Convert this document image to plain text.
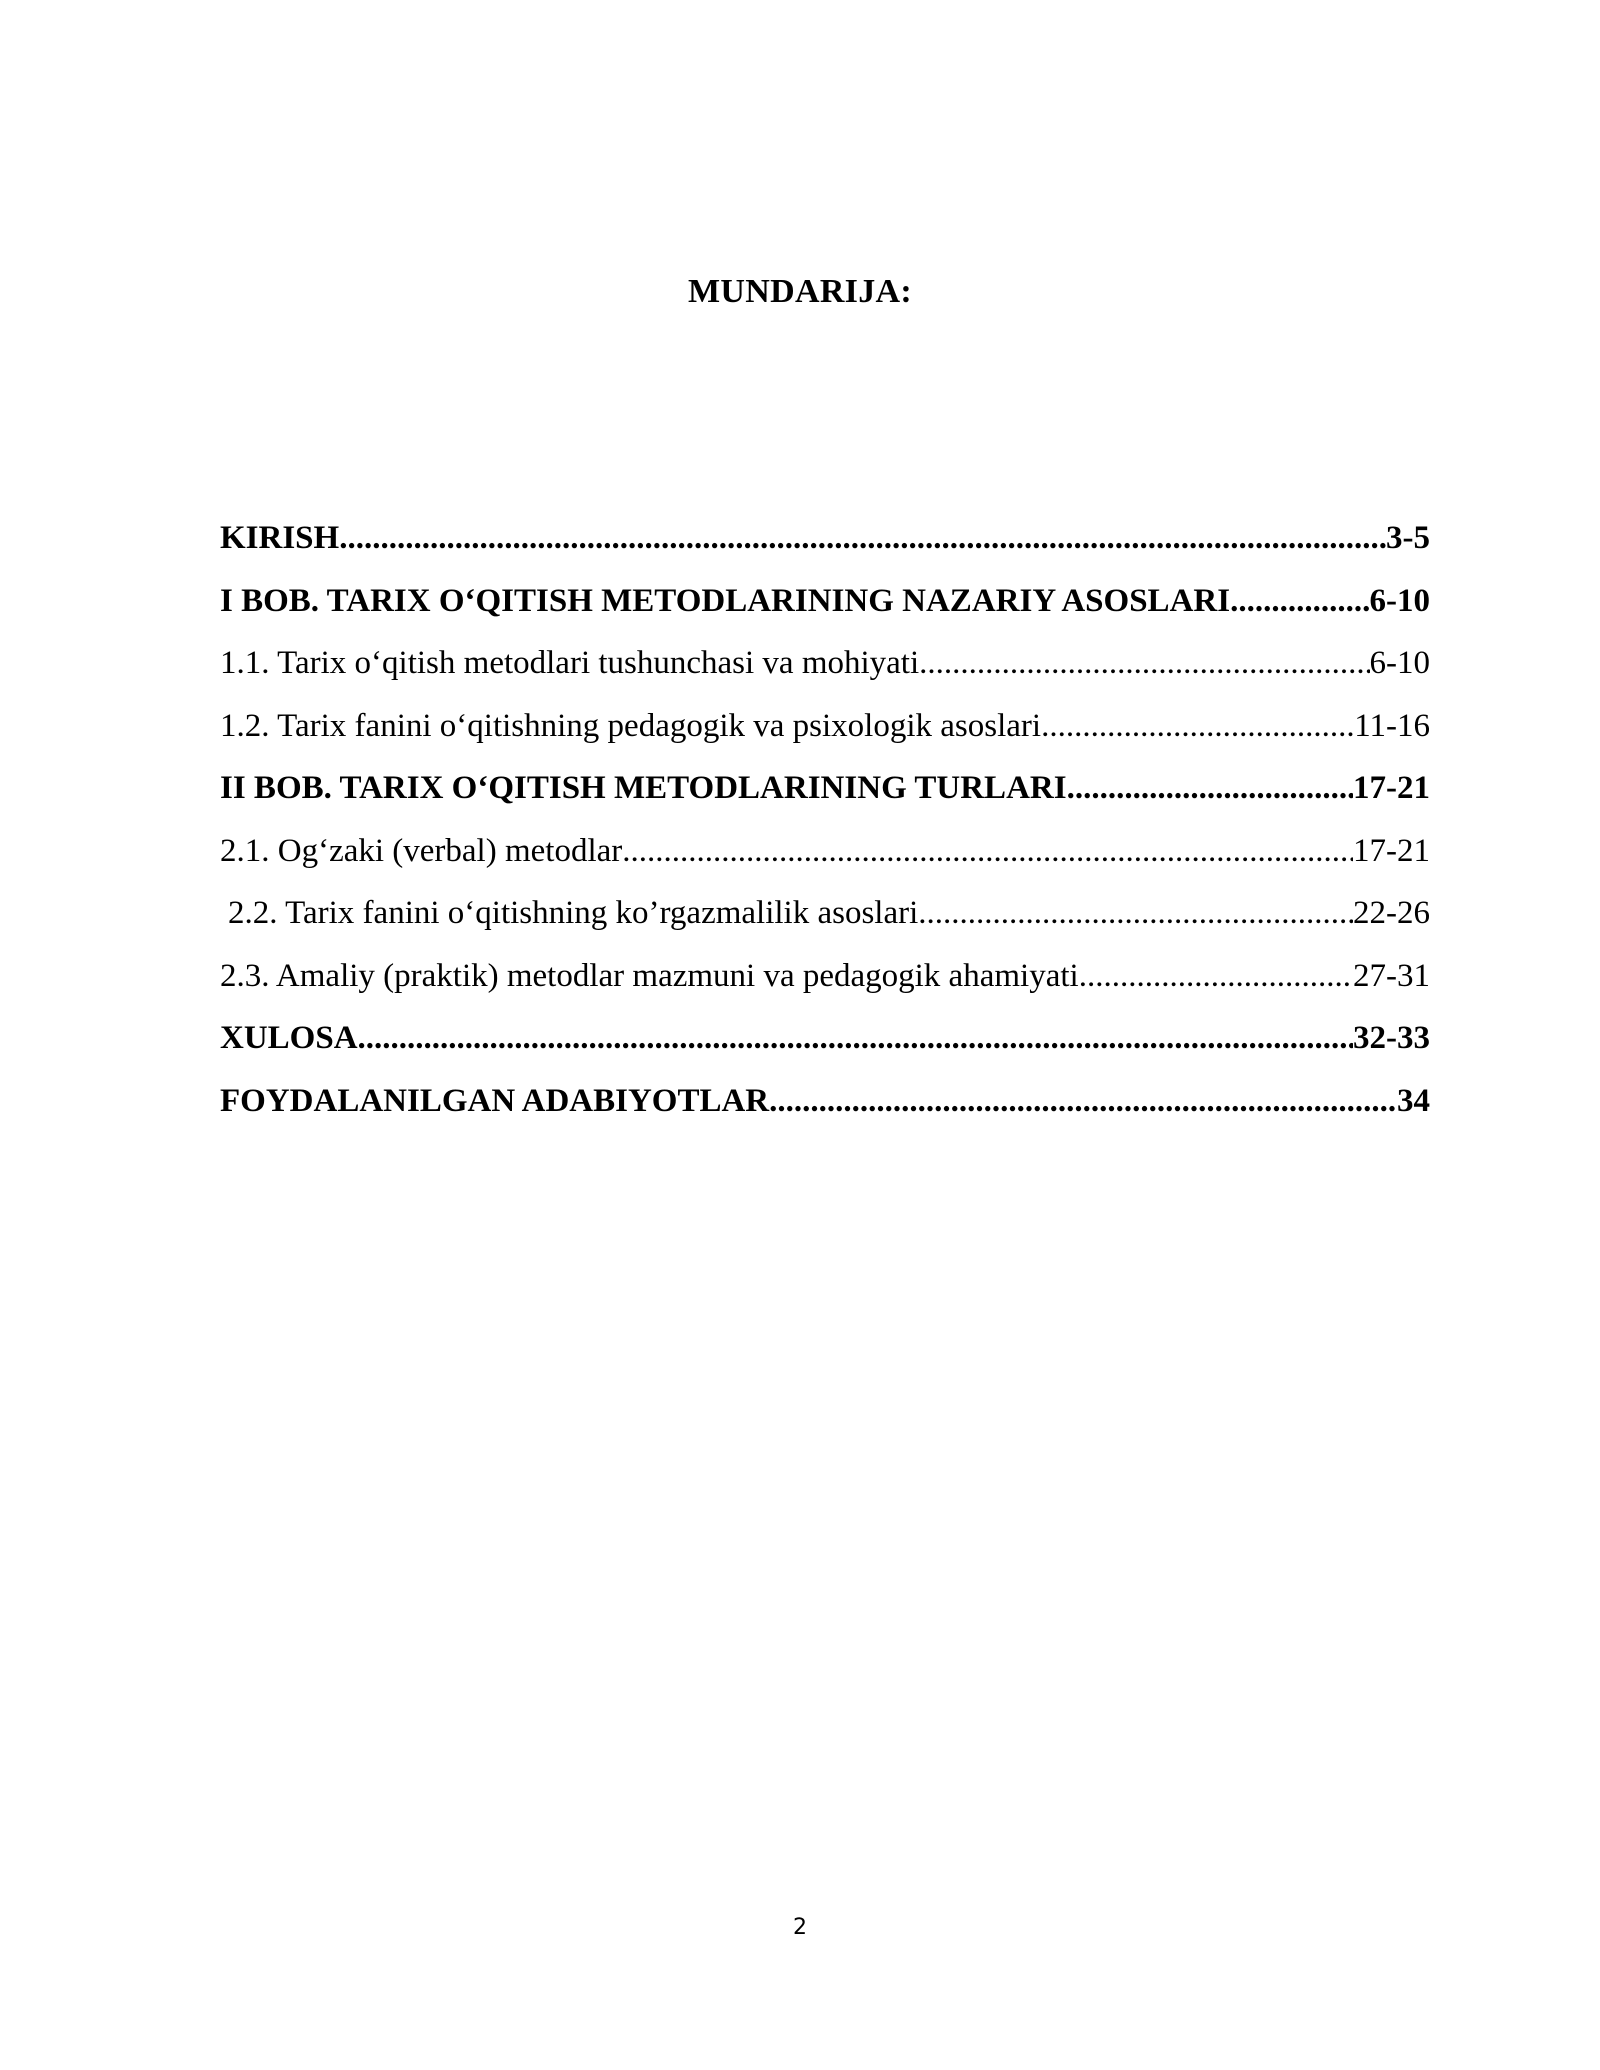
MUNDARIJA:
KIRISH .....	3-5
I BOB. TARIX O‘QITISH METODLARINING NAZARIY ASOSLARI .....	6-10
1.1. Tarix o‘qitish metodlari tushunchasi va mohiyati .....	6-10
1.2. Tarix fanini o‘qitishning pedagogik va psixologik asoslari .....	11-16
II BOB. TARIX O‘QITISH METODLARINING TURLARI .....	17-21
2.1. Og‘zaki (verbal) metodlar .....	17-21
2.2. Tarix fanini o‘qitishning ko’rgazmalilik asoslari .....	22-26
2.3. Amaliy (praktik) metodlar mazmuni va pedagogik ahamiyati .....	27-31
XULOSA .....	32-33
FOYDALANILGAN ADABIYOTLAR .....	34
2
